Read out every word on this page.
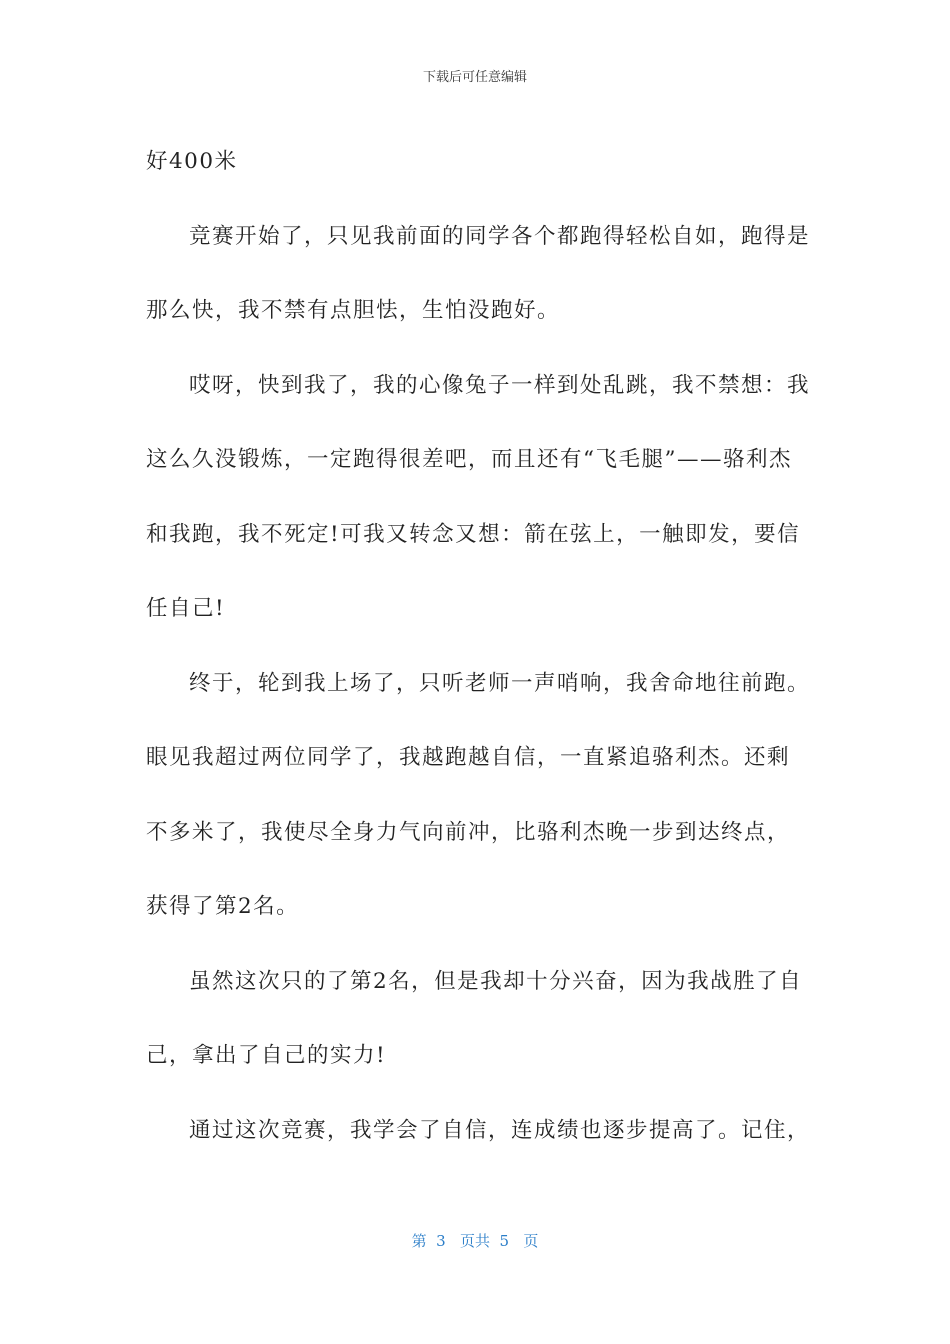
下载后可任意编辑

好400米

竞赛开始了，只见我前面的同学各个都跑得轻松自如，跑得是那么快，我不禁有点胆怯，生怕没跑好。

哎呀，快到我了，我的心像兔子一样到处乱跳，我不禁想：我这么久没锻炼，一定跑得很差吧，而且还有“飞毛腿”——骆利杰和我跑，我不死定!可我又转念又想：箭在弦上，一触即发，要信任自己!

终于，轮到我上场了，只听老师一声哨响，我舍命地往前跑。眼见我超过两位同学了，我越跑越自信，一直紧追骆利杰。还剩不多米了，我使尽全身力气向前冲，比骆利杰晚一步到达终点，获得了第2名。

虽然这次只的了第2名，但是我却十分兴奋，因为我战胜了自己，拿出了自己的实力!

通过这次竞赛，我学会了自信，连成绩也逐步提高了。记住，

第  3   页共  5   页
